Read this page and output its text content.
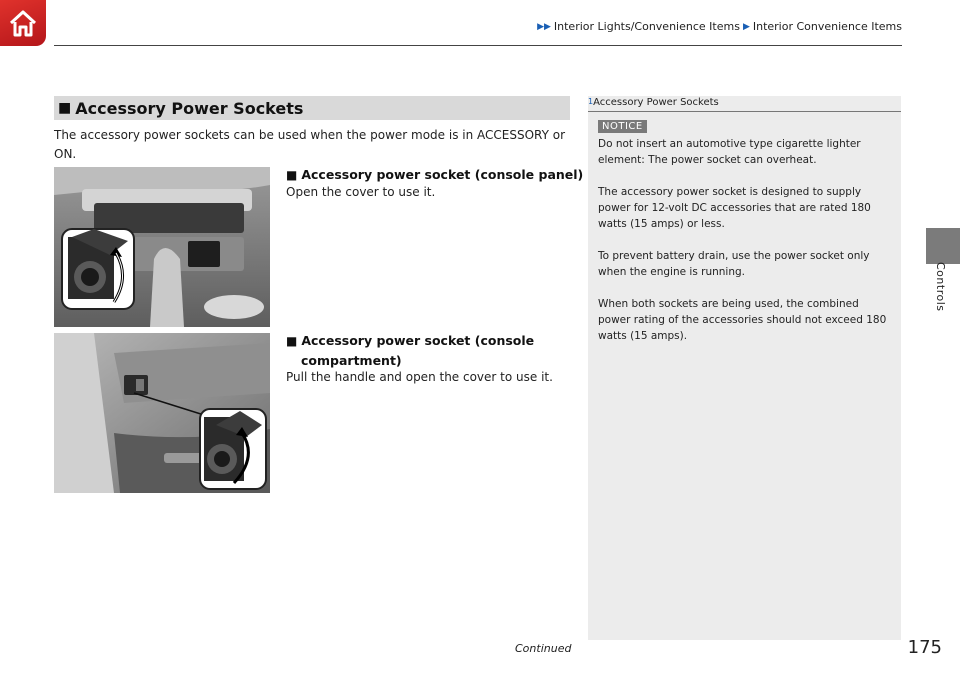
▶▶ Interior Lights/Convenience Items ▶ Interior Convenience Items
Controls
■ Accessory Power Sockets
The accessory power sockets can be used when the power mode is in ACCESSORY or ON.
■ Accessory power socket (console panel)
Open the cover to use it.
■ Accessory power socket (console
compartment)
Pull the handle and open the cover to use it.
$^1$Accessory Power Sockets
NOTICE

Do not insert an automotive type cigarette lighter element: The power socket can overheat.

The accessory power socket is designed to supply power for 12-volt DC accessories that are rated 180 watts (15 amps) or less.

To prevent battery drain, use the power socket only when the engine is running.

When both sockets are being used, the combined power rating of the accessories should not exceed 180 watts (15 amps).

Continued	175
